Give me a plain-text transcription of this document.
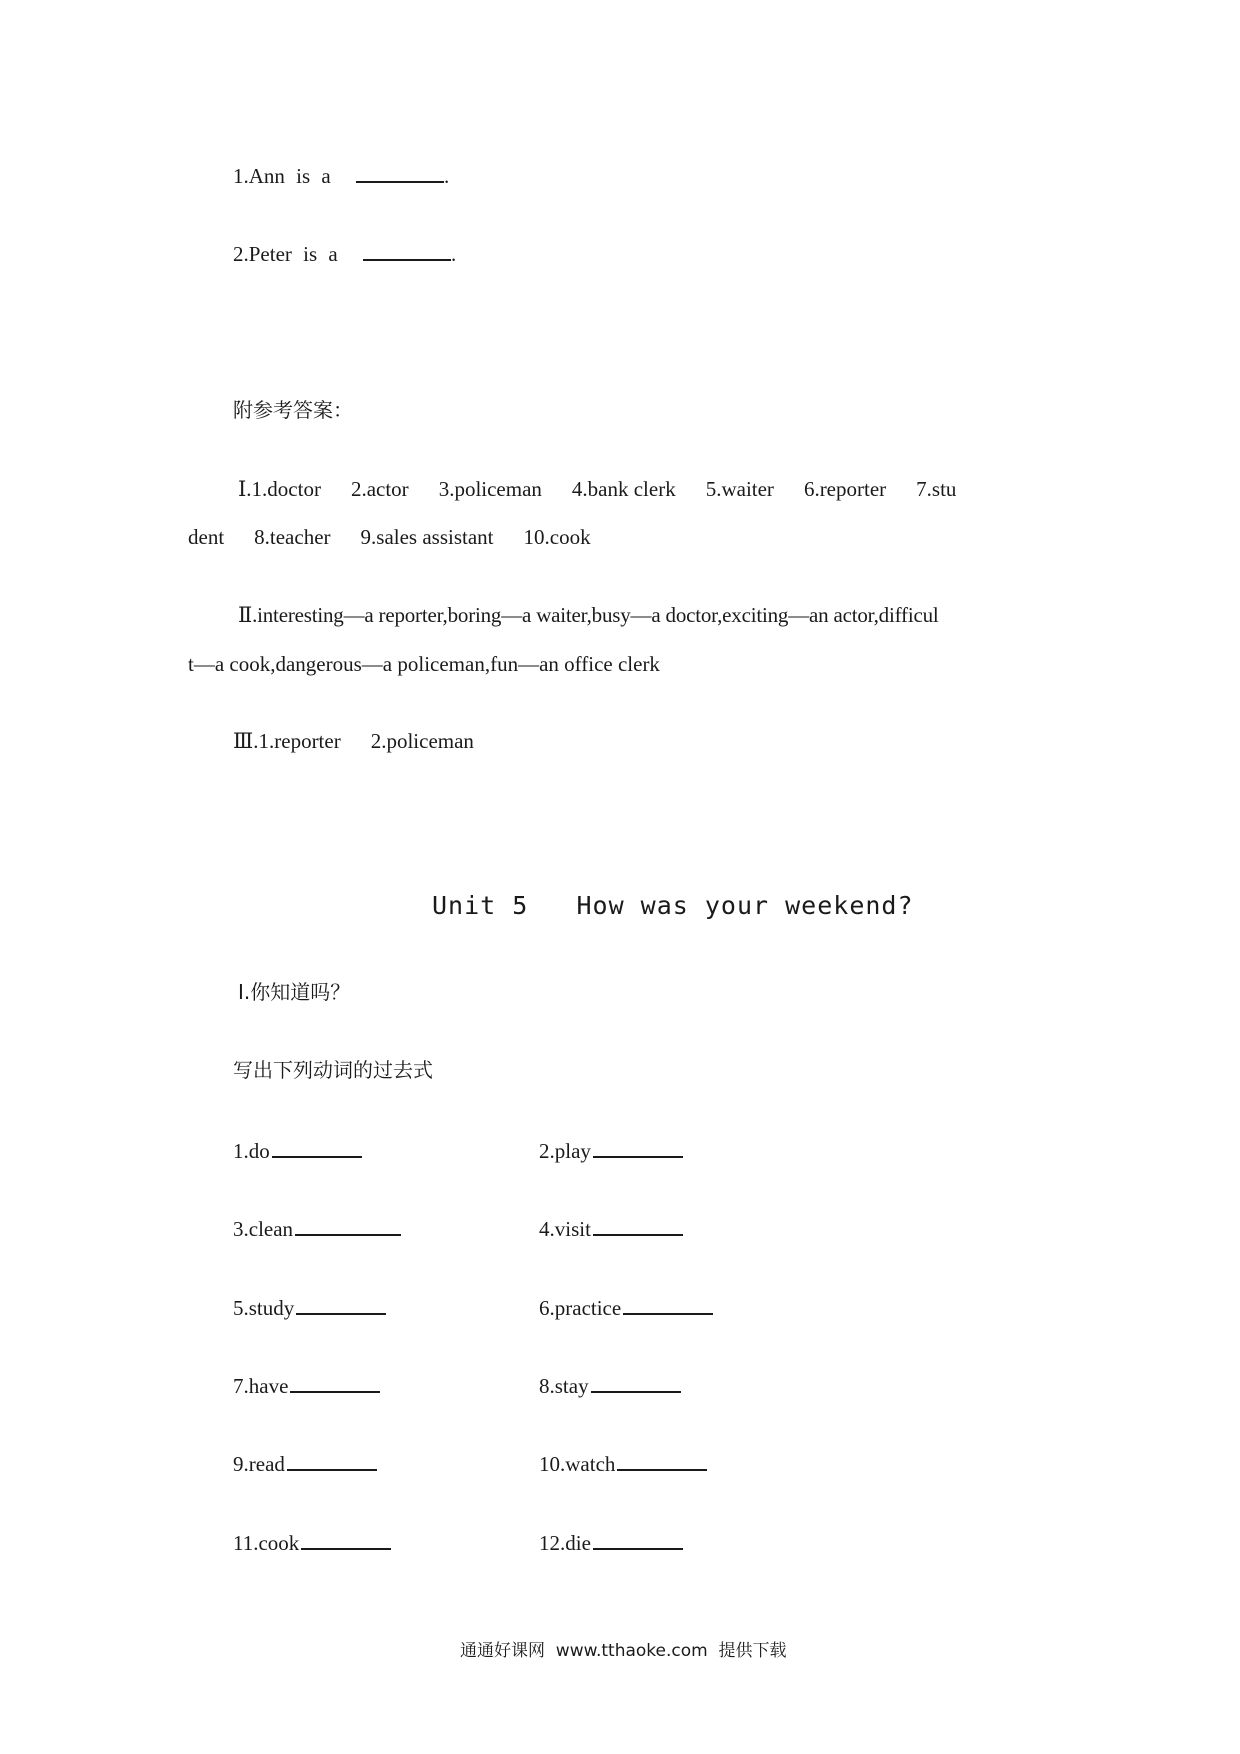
1.Ann is a	.
2.Peter is a	.
附参考答案：
Ⅰ.1.doctor 2.actor 3.policeman 4.bank clerk 5.waiter 6.reporter 7.stu
dent 8.teacher 9.sales assistant 10.cook
Ⅱ.interesting—a reporter,boring—a waiter,busy—a doctor,exciting—an actor,difficul
t—a cook,dangerous—a policeman,fun—an office clerk
Ⅲ.1.reporter 2.policeman
Unit 5   How was your weekend?
Ⅰ.你知道吗？
写出下列动词的过去式
1.do	2.play
3.clean	4.visit
5.study	6.practice
7.have	8.stay
9.read	10.watch
11.cook	12.die
通通好课网  www.tthaoke.com  提供下载
